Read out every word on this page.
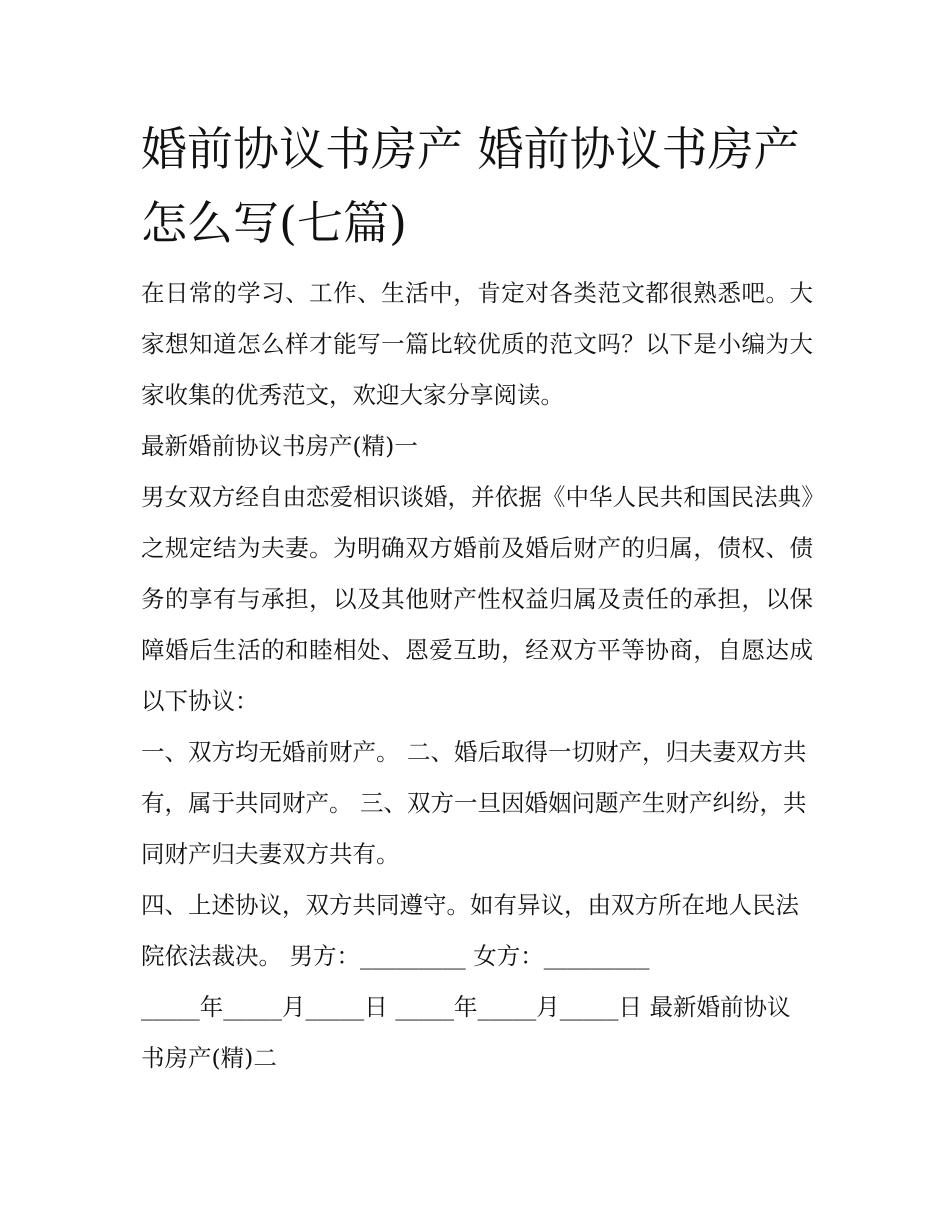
婚前协议书房产 婚前协议书房产怎么写(七篇)

在日常的学习、工作、生活中，肯定对各类范文都很熟悉吧。大家想知道怎么样才能写一篇比较优质的范文吗？以下是小编为大家收集的优秀范文，欢迎大家分享阅读。

最新婚前协议书房产(精)一

男女双方经自由恋爱相识谈婚，并依据《中华人民共和国民法典》之规定结为夫妻。为明确双方婚前及婚后财产的归属，债权、债务的享有与承担，以及其他财产性权益归属及责任的承担，以保障婚后生活的和睦相处、恩爱互助，经双方平等协商，自愿达成以下协议：

一、双方均无婚前财产。 二、婚后取得一切财产，归夫妻双方共有，属于共同财产。 三、双方一旦因婚姻问题产生财产纠纷，共同财产归夫妻双方共有。

四、上述协议，双方共同遵守。如有异议，由双方所在地人民法院依法裁决。 男方：_________ 女方：_________

_____年_____月_____日 _____年_____月_____日 最新婚前协议书房产(精)二
